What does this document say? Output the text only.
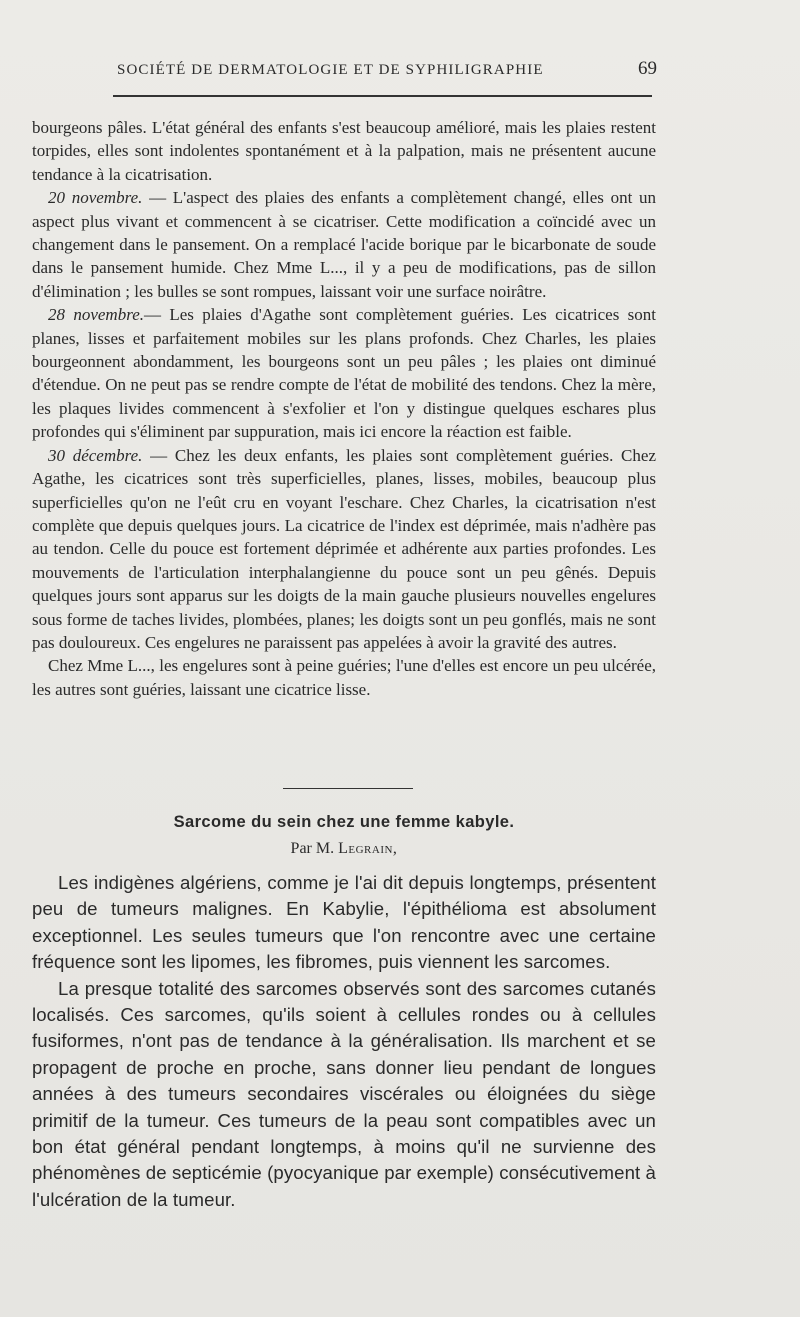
SOCIÉTÉ DE DERMATOLOGIE ET DE SYPHILIGRAPHIE	69

bourgeons pâles. L'état général des enfants s'est beaucoup amélioré, mais les plaies restent torpides, elles sont indolentes spontanément et à la palpation, mais ne présentent aucune tendance à la cicatrisation.

20 novembre. — L'aspect des plaies des enfants a complètement changé, elles ont un aspect plus vivant et commencent à se cicatriser. Cette modification a coïncidé avec un changement dans le pansement. On a remplacé l'acide borique par le bicarbonate de soude dans le pansement humide. Chez Mme L..., il y a peu de modifications, pas de sillon d'élimination ; les bulles se sont rompues, laissant voir une surface noirâtre.

28 novembre.— Les plaies d'Agathe sont complètement guéries. Les cicatrices sont planes, lisses et parfaitement mobiles sur les plans profonds. Chez Charles, les plaies bourgeonnent abondamment, les bourgeons sont un peu pâles ; les plaies ont diminué d'étendue. On ne peut pas se rendre compte de l'état de mobilité des tendons. Chez la mère, les plaques livides commencent à s'exfolier et l'on y distingue quelques eschares plus profondes qui s'éliminent par suppuration, mais ici encore la réaction est faible.

30 décembre. — Chez les deux enfants, les plaies sont complètement guéries. Chez Agathe, les cicatrices sont très superficielles, planes, lisses, mobiles, beaucoup plus superficielles qu'on ne l'eût cru en voyant l'eschare. Chez Charles, la cicatrisation n'est complète que depuis quelques jours. La cicatrice de l'index est déprimée, mais n'adhère pas au tendon. Celle du pouce est fortement déprimée et adhérente aux parties profondes. Les mouvements de l'articulation interphalangienne du pouce sont un peu gênés. Depuis quelques jours sont apparus sur les doigts de la main gauche plusieurs nouvelles engelures sous forme de taches livides, plombées, planes; les doigts sont un peu gonflés, mais ne sont pas douloureux. Ces engelures ne paraissent pas appelées à avoir la gravité des autres.

Chez Mme L..., les engelures sont à peine guéries; l'une d'elles est encore un peu ulcérée, les autres sont guéries, laissant une cicatrice lisse.

Sarcome du sein chez une femme kabyle.
Par M. Legrain,

Les indigènes algériens, comme je l'ai dit depuis longtemps, présentent peu de tumeurs malignes. En Kabylie, l'épithélioma est absolument exceptionnel. Les seules tumeurs que l'on rencontre avec une certaine fréquence sont les lipomes, les fibromes, puis viennent les sarcomes.

La presque totalité des sarcomes observés sont des sarcomes cutanés localisés. Ces sarcomes, qu'ils soient à cellules rondes ou à cellules fusiformes, n'ont pas de tendance à la généralisation. Ils marchent et se propagent de proche en proche, sans donner lieu pendant de longues années à des tumeurs secondaires viscérales ou éloignées du siège primitif de la tumeur. Ces tumeurs de la peau sont compatibles avec un bon état général pendant longtemps, à moins qu'il ne survienne des phénomènes de septicémie (pyocyanique par exemple) consécutivement à l'ulcération de la tumeur.
